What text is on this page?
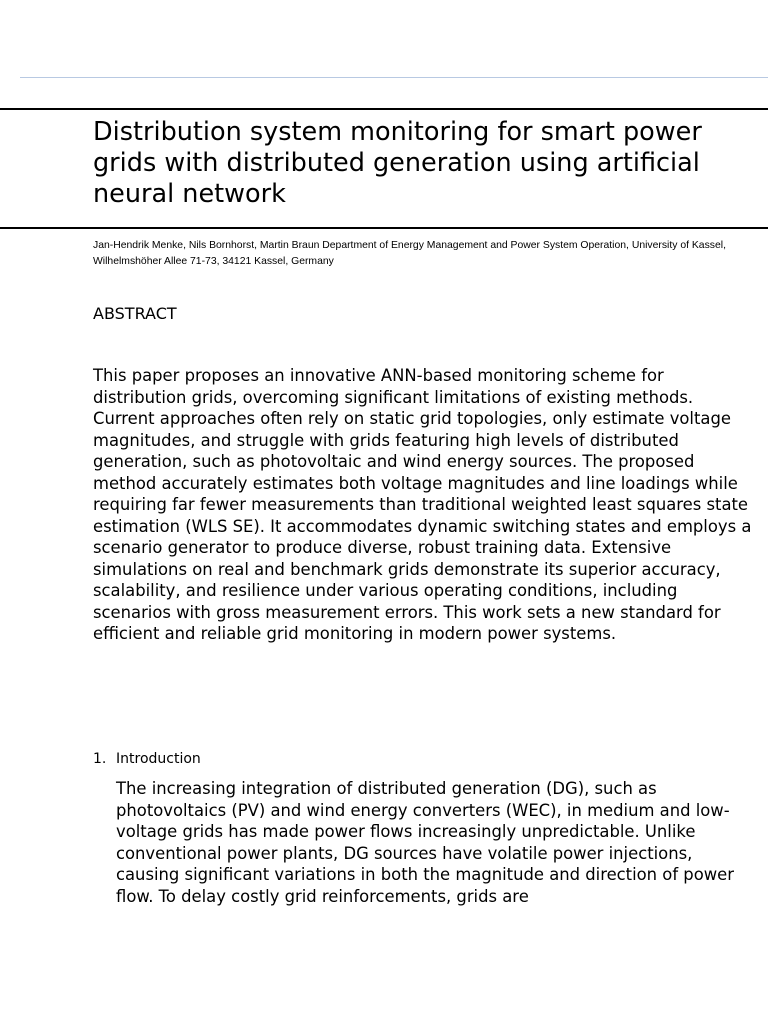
Distribution system monitoring for smart power grids with distributed generation using artificial neural network

Jan-Hendrik Menke, Nils Bornhorst, Martin Braun Department of Energy Management and Power System Operation, University of Kassel, Wilhelmshöher Allee 71-73, 34121 Kassel, Germany

ABSTRACT

This paper proposes an innovative ANN-based monitoring scheme for distribution grids, overcoming significant limitations of existing methods. Current approaches often rely on static grid topologies, only estimate voltage magnitudes, and struggle with grids featuring high levels of distributed generation, such as photovoltaic and wind energy sources. The proposed method accurately estimates both voltage magnitudes and line loadings while requiring far fewer measurements than traditional weighted least squares state estimation (WLS SE). It accommodates dynamic switching states and employs a scenario generator to produce diverse, robust training data. Extensive simulations on real and benchmark grids demonstrate its superior accuracy, scalability, and resilience under various operating conditions, including scenarios with gross measurement errors. This work sets a new standard for efficient and reliable grid monitoring in modern power systems.

1. Introduction

The increasing integration of distributed generation (DG), such as photovoltaics (PV) and wind energy converters (WEC), in medium and low-voltage grids has made power flows increasingly unpredictable. Unlike conventional power plants, DG sources have volatile power injections, causing significant variations in both the magnitude and direction of power flow. To delay costly grid reinforcements, grids are
